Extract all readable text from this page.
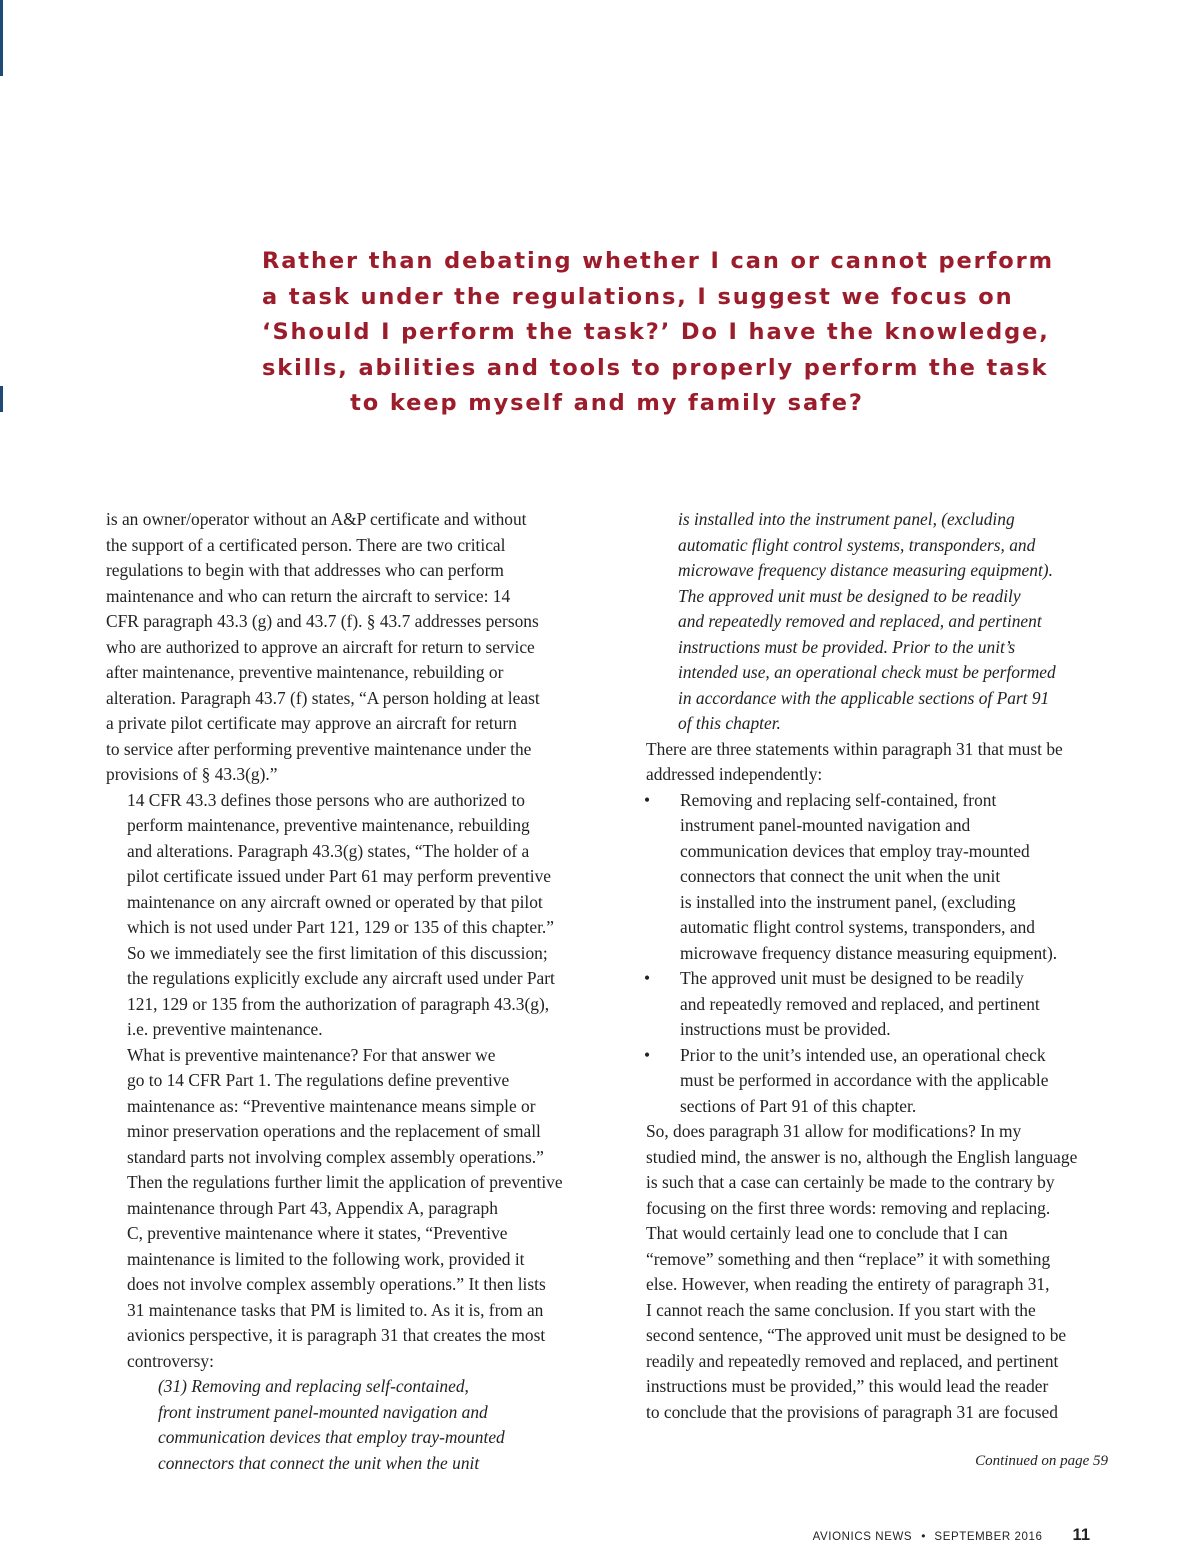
Rather than debating whether I can or cannot perform
a task under the regulations, I suggest we focus on
‘Should I perform the task?’ Do I have the knowledge,
skills, abilities and tools to properly perform the task
to keep myself and my family safe?

is an owner/operator without an A&P certificate and without
the support of a certificated person. There are two critical
regulations to begin with that addresses who can perform
maintenance and who can return the aircraft to service: 14
CFR paragraph 43.3 (g) and 43.7 (f). § 43.7 addresses persons
who are authorized to approve an aircraft for return to service
after maintenance, preventive maintenance, rebuilding or
alteration. Paragraph 43.7 (f) states, “A person holding at least
a private pilot certificate may approve an aircraft for return
to service after performing preventive maintenance under the
provisions of § 43.3(g).”

14 CFR 43.3 defines those persons who are authorized to
perform maintenance, preventive maintenance, rebuilding
and alterations. Paragraph 43.3(g) states, “The holder of a
pilot certificate issued under Part 61 may perform preventive
maintenance on any aircraft owned or operated by that pilot
which is not used under Part 121, 129 or 135 of this chapter.”
So we immediately see the first limitation of this discussion;
the regulations explicitly exclude any aircraft used under Part
121, 129 or 135 from the authorization of paragraph 43.3(g),
i.e. preventive maintenance.

What is preventive maintenance? For that answer we
go to 14 CFR Part 1. The regulations define preventive
maintenance as: “Preventive maintenance means simple or
minor preservation operations and the replacement of small
standard parts not involving complex assembly operations.”
Then the regulations further limit the application of preventive
maintenance through Part 43, Appendix A, paragraph
C, preventive maintenance where it states, “Preventive
maintenance is limited to the following work, provided it
does not involve complex assembly operations.” It then lists
31 maintenance tasks that PM is limited to. As it is, from an
avionics perspective, it is paragraph 31 that creates the most
controversy:

(31) Removing and replacing self-contained,
front instrument panel-mounted navigation and
communication devices that employ tray-mounted
connectors that connect the unit when the unit

is installed into the instrument panel, (excluding
automatic flight control systems, transponders, and
microwave frequency distance measuring equipment).
The approved unit must be designed to be readily
and repeatedly removed and replaced, and pertinent
instructions must be provided. Prior to the unit’s
intended use, an operational check must be performed
in accordance with the applicable sections of Part 91
of this chapter.

There are three statements within paragraph 31 that must be
addressed independently:

• Removing and replacing self-contained, front
instrument panel-mounted navigation and
communication devices that employ tray-mounted
connectors that connect the unit when the unit
is installed into the instrument panel, (excluding
automatic flight control systems, transponders, and
microwave frequency distance measuring equipment).
• The approved unit must be designed to be readily
and repeatedly removed and replaced, and pertinent
instructions must be provided.
• Prior to the unit’s intended use, an operational check
must be performed in accordance with the applicable
sections of Part 91 of this chapter.

So, does paragraph 31 allow for modifications? In my
studied mind, the answer is no, although the English language
is such that a case can certainly be made to the contrary by
focusing on the first three words: removing and replacing.
That would certainly lead one to conclude that I can
“remove” something and then “replace” it with something
else. However, when reading the entirety of paragraph 31,
I cannot reach the same conclusion. If you start with the
second sentence, “The approved unit must be designed to be
readily and repeatedly removed and replaced, and pertinent
instructions must be provided,” this would lead the reader
to conclude that the provisions of paragraph 31 are focused

Continued on page 59
AVIONICS NEWS • SEPTEMBER 2016 11
